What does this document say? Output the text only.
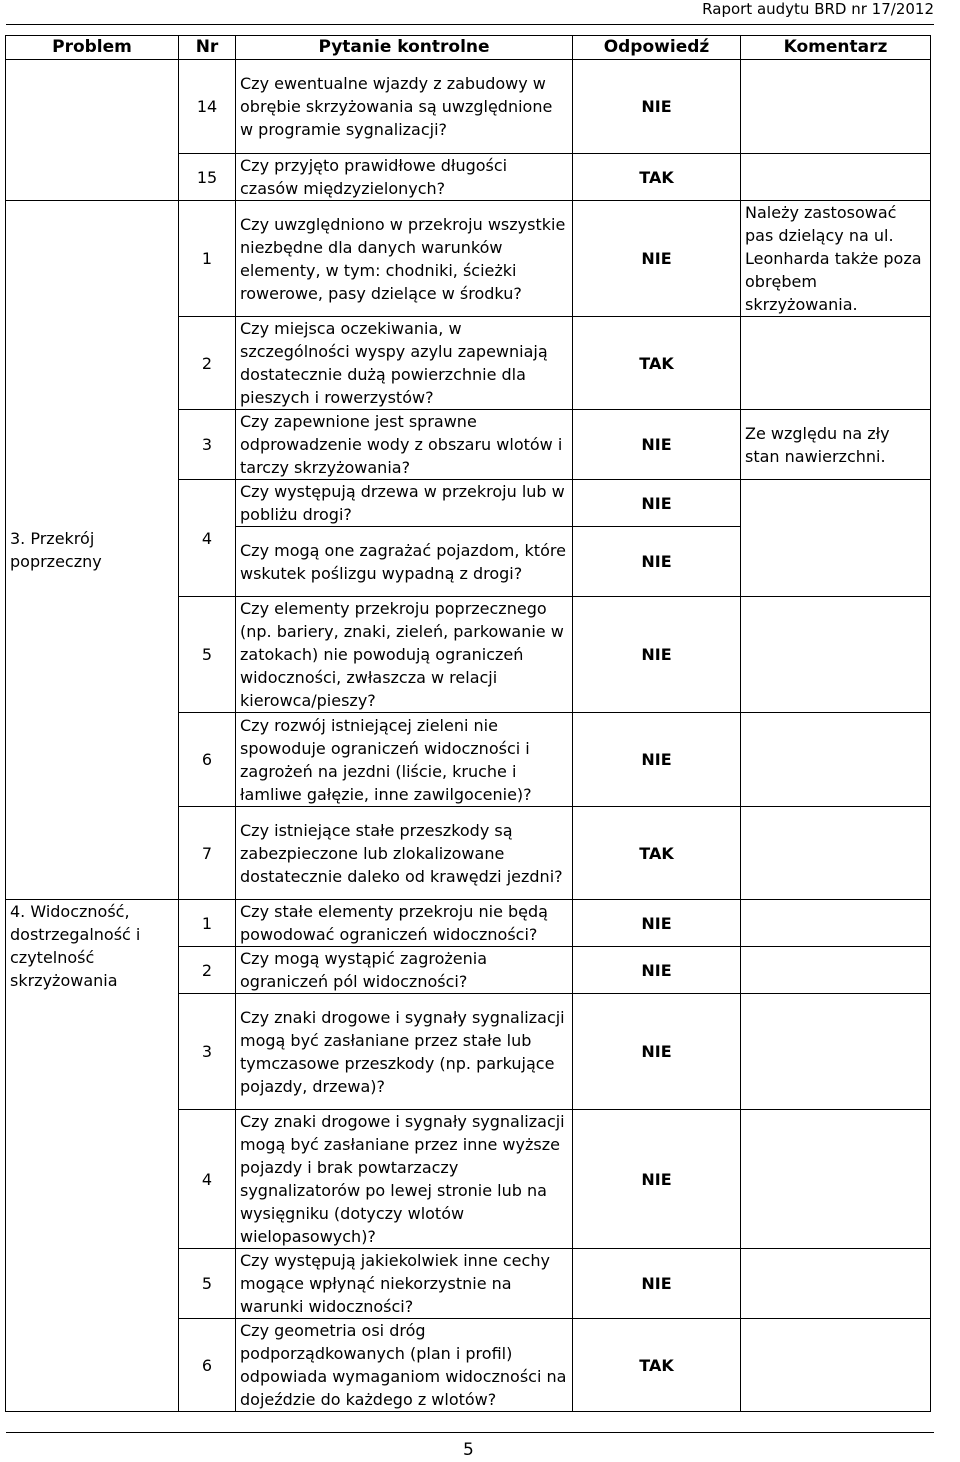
Raport audytu BRD nr 17/2012
Problem	Nr	Pytanie kontrolne	Odpowiedź	Komentarz
	14	Czy ewentualne wjazdy z zabudowy w obrębie skrzyżowania są uwzględnione w programie sygnalizacji?	NIE	
	15	Czy przyjęto prawidłowe długości czasów międzyzielonych?	TAK	
3. Przekrój poprzeczny	1	Czy uwzględniono w przekroju wszystkie niezbędne dla danych warunków elementy, w tym: chodniki, ścieżki rowerowe, pasy dzielące w środku?	NIE	Należy zastosować pas dzielący na ul. Leonharda także poza obrębem skrzyżowania.
	2	Czy miejsca oczekiwania, w szczególności wyspy azylu zapewniają dostatecznie dużą powierzchnie dla pieszych i rowerzystów?	TAK	
	3	Czy zapewnione jest sprawne odprowadzenie wody z obszaru wlotów i tarczy skrzyżowania?	NIE	Ze względu na zły stan nawierzchni.
	4	Czy występują drzewa w przekroju lub w pobliżu drogi?	NIE	
		Czy mogą one zagrażać pojazdom, które wskutek poślizgu wypadną z drogi?	NIE	
	5	Czy elementy przekroju poprzecznego (np. bariery, znaki, zieleń, parkowanie w zatokach) nie powodują ograniczeń widoczności, zwłaszcza w relacji kierowca/pieszy?	NIE	
	6	Czy rozwój istniejącej zieleni nie spowoduje ograniczeń widoczności i zagrożeń na jezdni (liście, kruche i łamliwe gałęzie, inne zawilgocenie)?	NIE	
	7	Czy istniejące stałe przeszkody są zabezpieczone lub zlokalizowane dostatecznie daleko od krawędzi jezdni?	TAK	
4. Widoczność, dostrzegalność i czytelność skrzyżowania	1	Czy stałe elementy przekroju nie będą powodować ograniczeń widoczności?	NIE	
	2	Czy mogą wystąpić zagrożenia ograniczeń pól widoczności?	NIE	
	3	Czy znaki drogowe i sygnały sygnalizacji mogą być zasłaniane przez stałe lub tymczasowe przeszkody (np. parkujące pojazdy, drzewa)?	NIE	
	4	Czy znaki drogowe i sygnały sygnalizacji mogą być zasłaniane przez inne wyższe pojazdy i brak powtarzaczy sygnalizatorów po lewej stronie lub na wysięgniku (dotyczy wlotów wielopasowych)?	NIE	
	5	Czy występują jakiekolwiek inne cechy mogące wpłynąć niekorzystnie na warunki widoczności?	NIE	
	6	Czy geometria osi dróg podporządkowanych (plan i profil) odpowiada wymaganiom widoczności na dojeździe do każdego z wlotów?	TAK	
5
